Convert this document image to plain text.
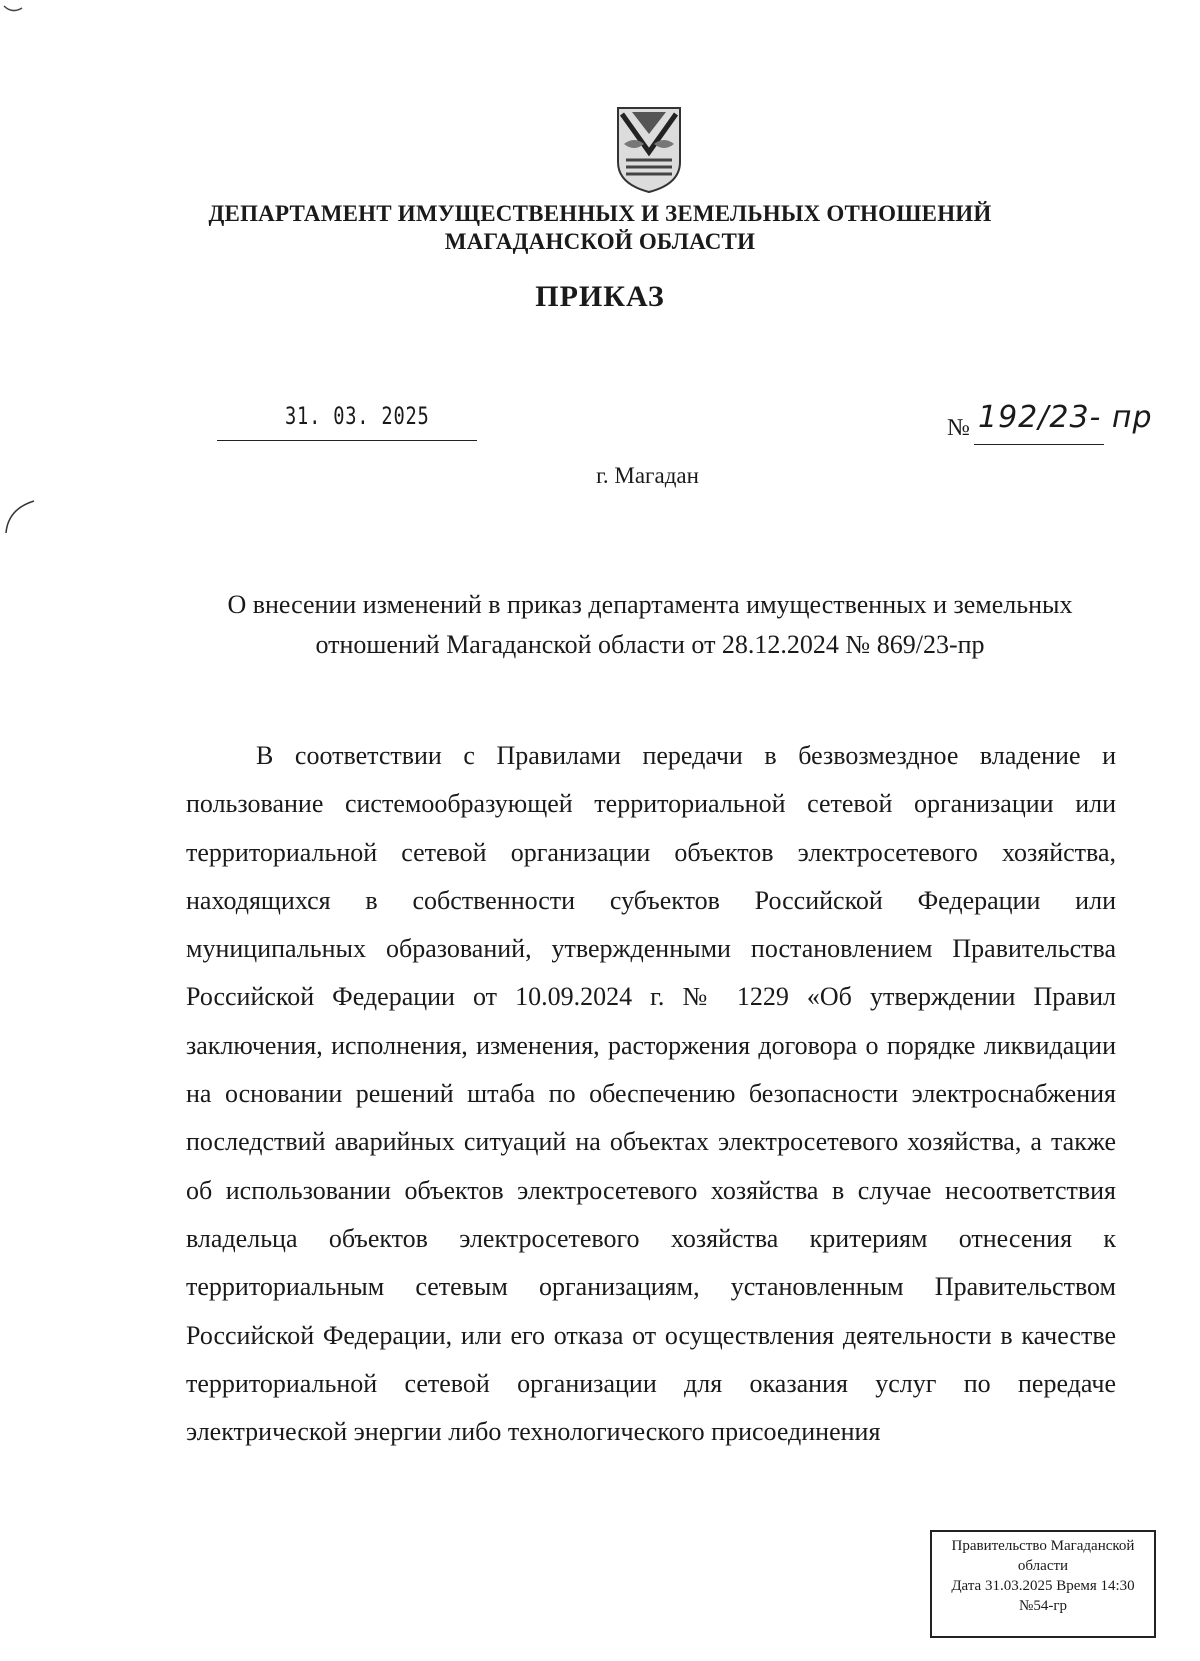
ДЕПАРТАМЕНТ ИМУЩЕСТВЕННЫХ И ЗЕМЕЛЬНЫХ ОТНОШЕНИЙ
МАГАДАНСКОЙ ОБЛАСТИ
ПРИКАЗ
31. 03. 2025	№ 192/23- пр
г. Магадан
О внесении изменений в приказ департамента имущественных и земельных отношений Магаданской области от 28.12.2024 № 869/23-пр

В соответствии с Правилами передачи в безвозмездное владение и пользование системообразующей территориальной сетевой организации или территориальной сетевой организации объектов электросетевого хозяйства, находящихся в собственности субъектов Российской Федерации или муниципальных образований, утвержденными постановлением Правительства Российской Федерации от 10.09.2024 г. № 1229 «Об утверждении Правил заключения, исполнения, изменения, расторжения договора о порядке ликвидации на основании решений штаба по обеспечению безопасности электроснабжения последствий аварийных ситуаций на объектах электросетевого хозяйства, а также об использовании объектов электросетевого хозяйства в случае несоответствия владельца объектов электросетевого хозяйства критериям отнесения к территориальным сетевым организациям, установленным Правительством Российской Федерации, или его отказа от осуществления деятельности в качестве территориальной сетевой организации для оказания услуг по передаче электрической энергии либо технологического присоединения

Правительство Магаданской
области
Дата 31.03.2025 Время 14:30
№54-гр
